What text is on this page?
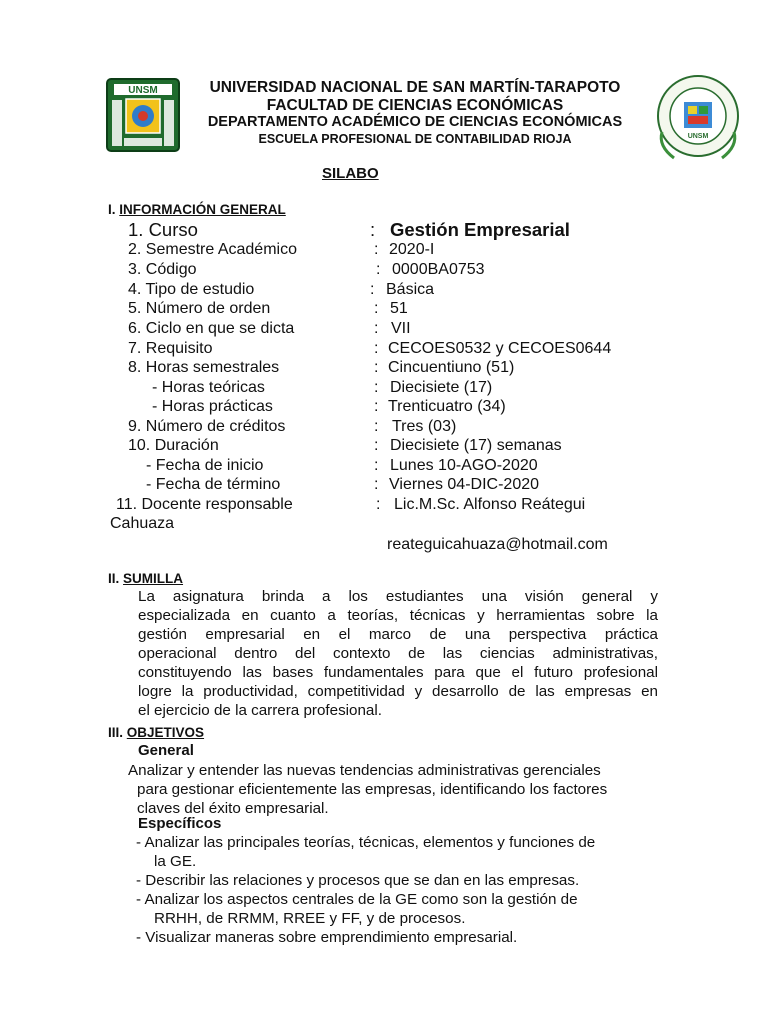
UNSM
UNSM
UNIVERSIDAD NACIONAL DE SAN MARTÍN-TARAPOTO
FACULTAD DE CIENCIAS ECONÓMICAS
DEPARTAMENTO ACADÉMICO DE CIENCIAS ECONÓMICAS
ESCUELA PROFESIONAL DE CONTABILIDAD RIOJA
SILABO
I. INFORMACIÓN GENERAL
1. Curso	: Gestión Empresarial
2. Semestre Académico	: 2020-I
3. Código	: 0000BA0753
4. Tipo de estudio	: Básica
5. Número de orden	: 51
6. Ciclo en que se dicta	: VII
7. Requisito	: CECOES0532 y CECOES0644
8. Horas semestrales	: Cincuentiuno (51)
- Horas teóricas	: Diecisiete (17)
- Horas prácticas	: Trenticuatro (34)
9. Número de créditos	: Tres (03)
10. Duración	: Diecisiete (17) semanas
- Fecha de inicio	: Lunes 10-AGO-2020
- Fecha de término	: Viernes 04-DIC-2020
11. Docente responsable	: Lic.M.Sc. Alfonso Reátegui
Cahuaza
reateguicahuaza@hotmail.com
II. SUMILLA
La asignatura brinda a los estudiantes una visión general y
especializada en cuanto a teorías, técnicas y herramientas sobre la
gestión empresarial en el marco de una perspectiva práctica
operacional dentro del contexto de las ciencias administrativas,
constituyendo las bases fundamentales para que el futuro profesional
logre la productividad, competitividad y desarrollo de las empresas en
el ejercicio de la carrera profesional.
III. OBJETIVOS
General
Analizar y entender las nuevas tendencias administrativas gerenciales
para gestionar eficientemente las empresas, identificando los factores
claves del éxito empresarial.
Específicos
- Analizar las principales teorías, técnicas, elementos y funciones de
la GE.
- Describir las relaciones y procesos que se dan en las empresas.
- Analizar los aspectos centrales de la GE como son la gestión de
RRHH, de RRMM, RREE y FF, y de procesos.
- Visualizar maneras sobre emprendimiento empresarial.
